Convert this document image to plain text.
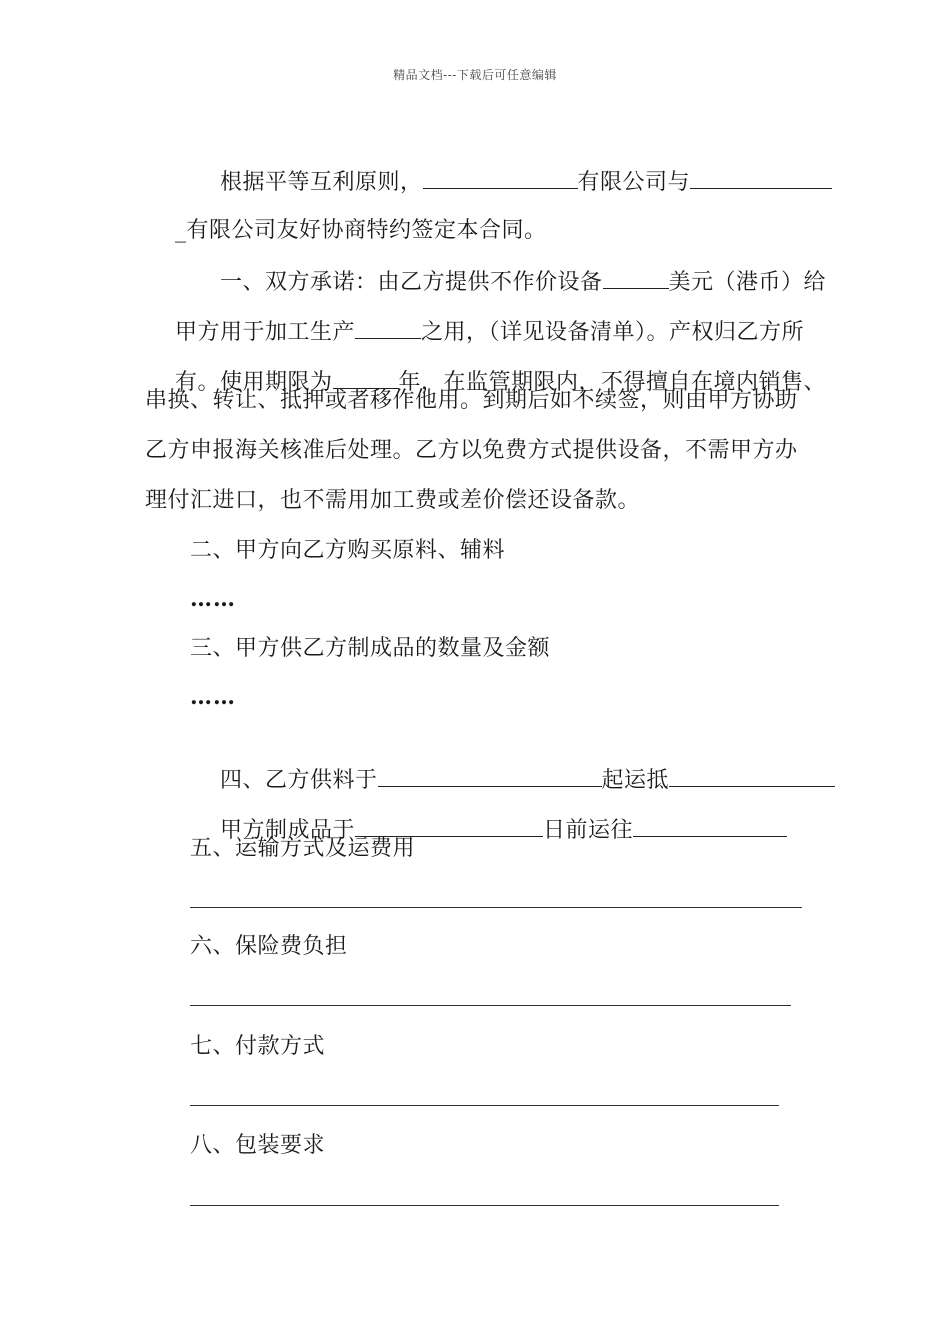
精品文档---下载后可任意编辑

根据平等互利原则，	有限公司与

_有限公司友好协商特约签定本合同。

一、双方承诺：由乙方提供不作价设备	美元（港币）给

甲方用于加工生产	之用，（详见设备清单）。产权归乙方所

有。使用期限为	年，在监管期限内，不得擅自在境内销售、

串换、转让、抵押或者移作他用。到期后如不续签，则由甲方协助
乙方申报海关核准后处理。乙方以免费方式提供设备，不需甲方办
理付汇进口，也不需用加工费或差价偿还设备款。
二、甲方向乙方购买原料、辅料
……
三、甲方供乙方制成品的数量及金额
……

四、乙方供料于	起运抵

甲方制成品于	日前运往

五、运输方式及运费用
六、保险费负担
七、付款方式
八、包装要求
